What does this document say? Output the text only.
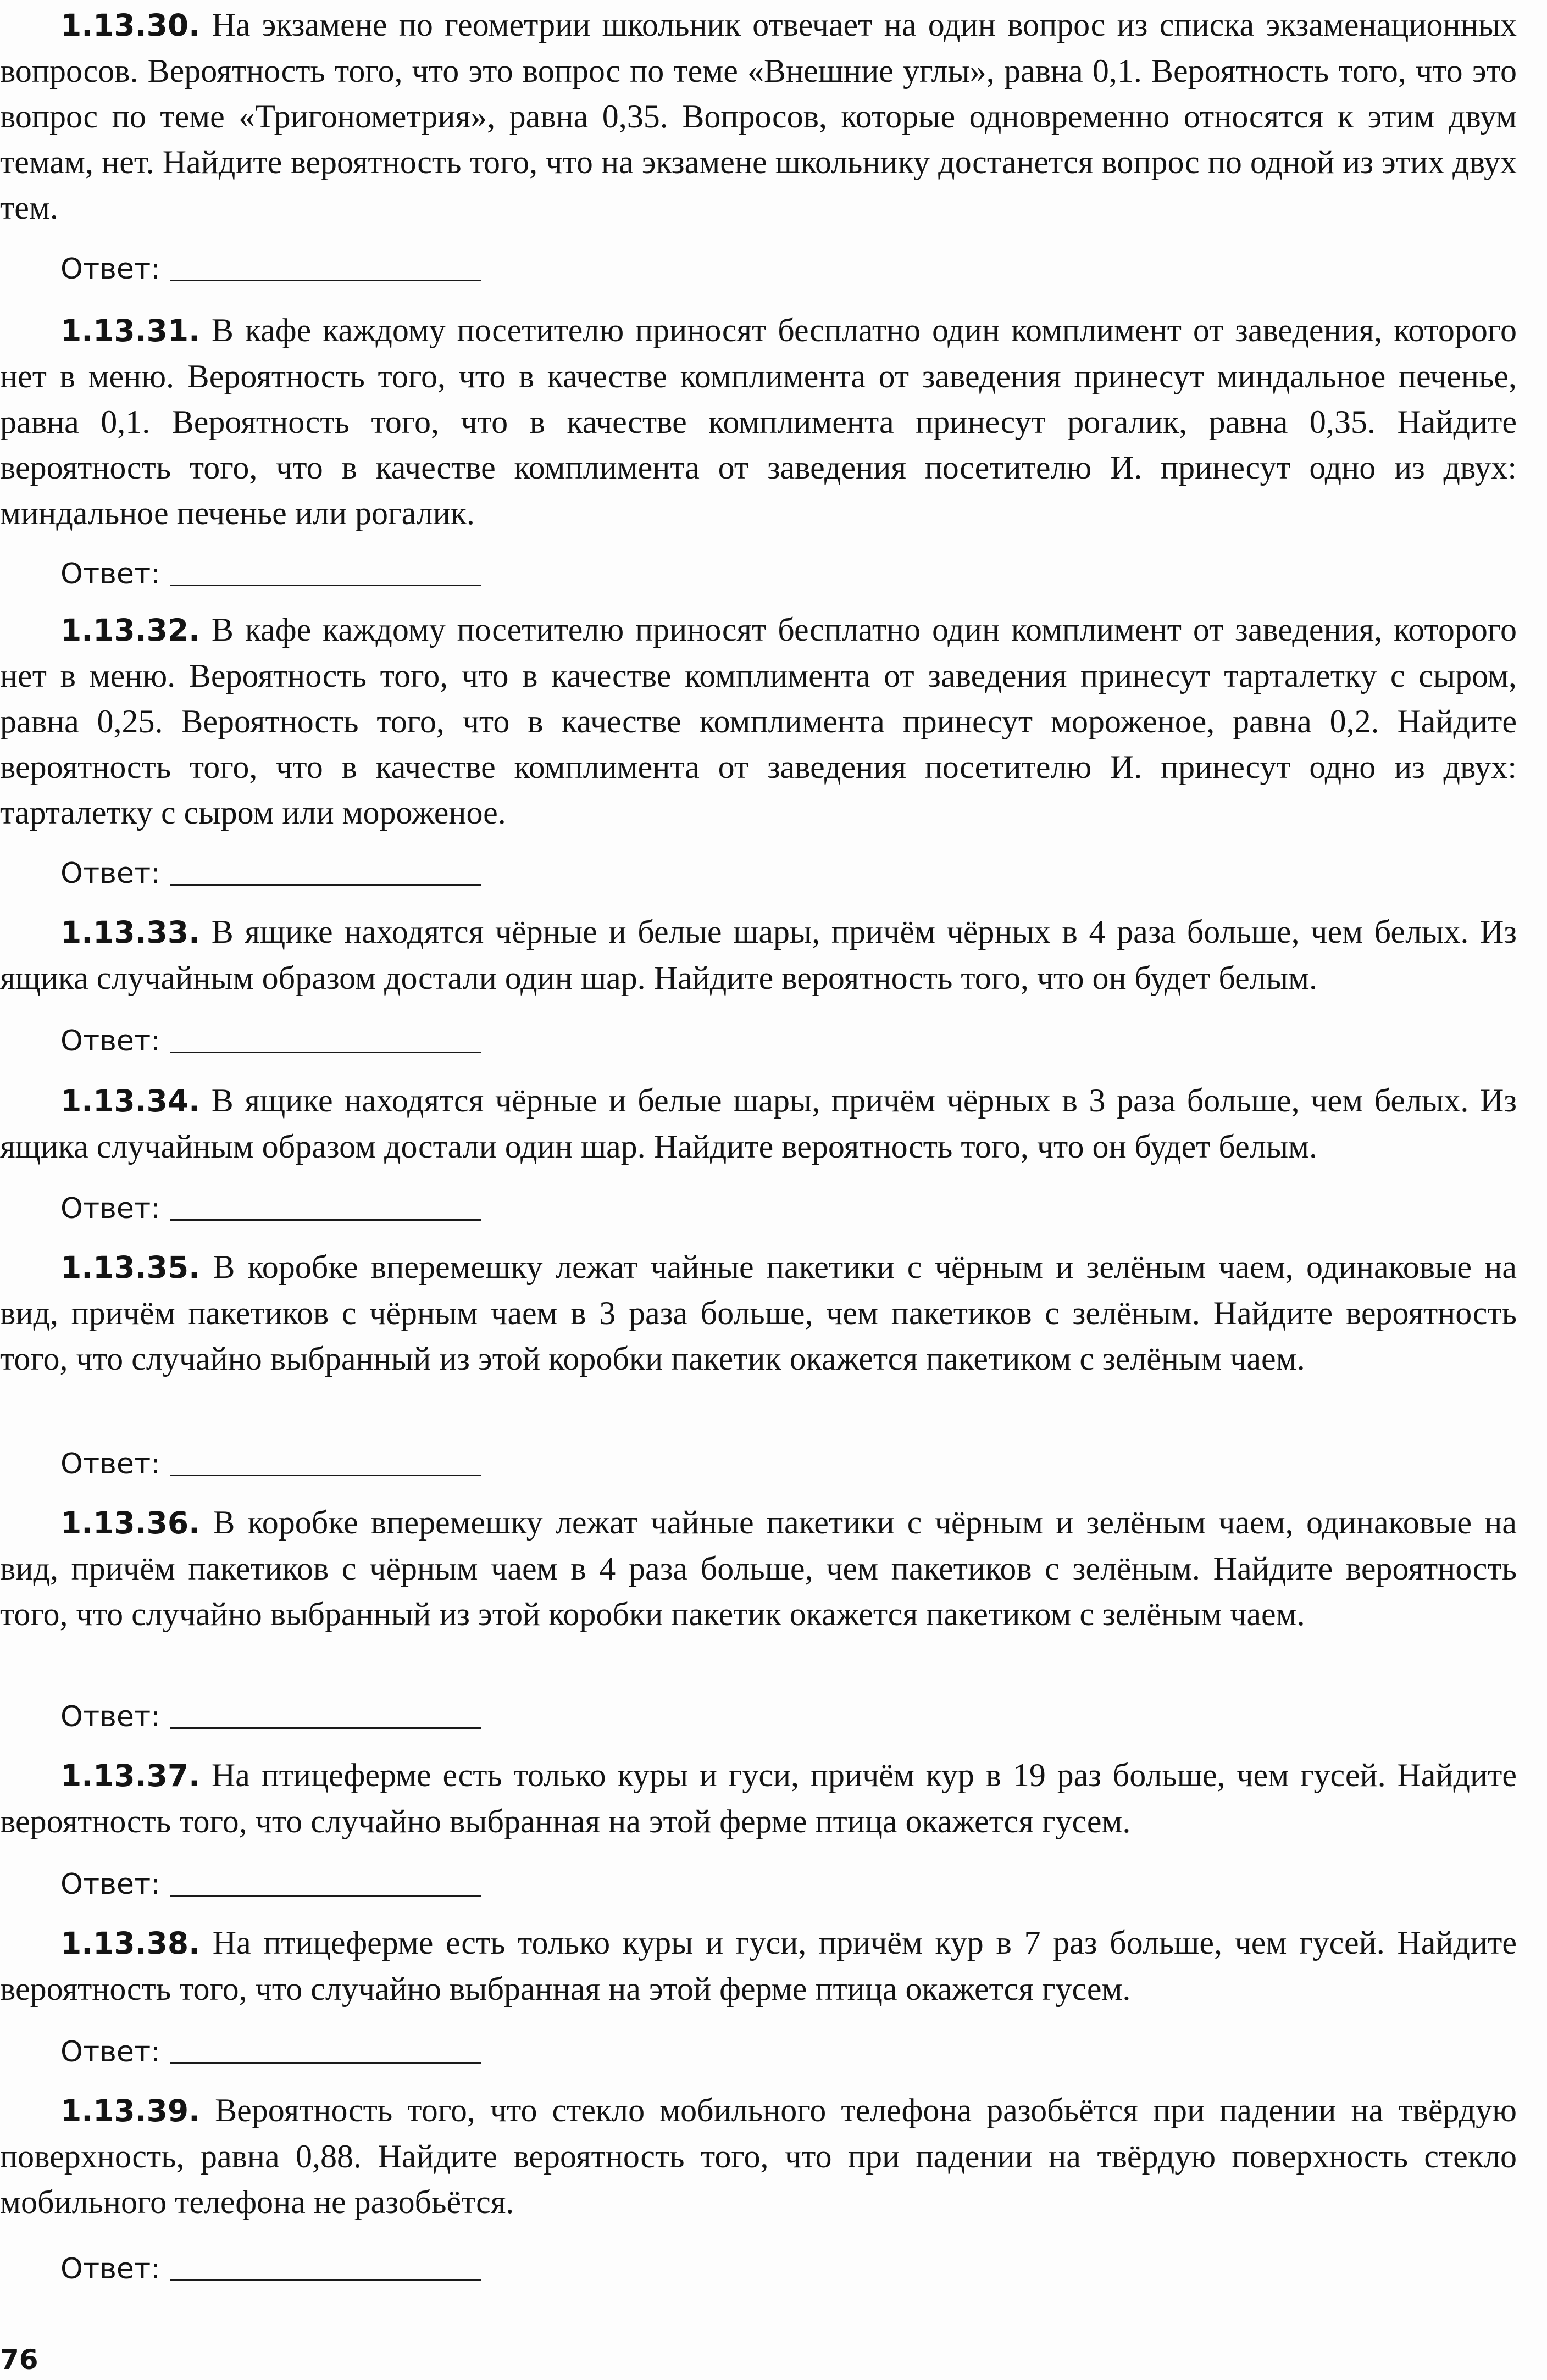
1.13.30. На экзамене по геометрии школьник отвечает на один вопрос из списка экзаменационных вопросов. Вероятность того, что это вопрос по теме «Внешние углы», равна 0,1. Вероятность того, что это вопрос по теме «Тригонометрия», равна 0,35. Вопросов, которые одновременно относятся к этим двум темам, нет. Найдите вероятность того, что на экзамене школьнику достанется вопрос по одной из этих двух тем.

Ответ:

1.13.31. В кафе каждому посетителю приносят бесплатно один комплимент от заведения, которого нет в меню. Вероятность того, что в качестве комплимента от заведения принесут миндальное печенье, равна 0,1. Вероятность того, что в качестве комплимента принесут рогалик, равна 0,35. Найдите вероятность того, что в качестве комплимента от заведения посетителю И. принесут одно из двух: миндальное печенье или рогалик.

Ответ:

1.13.32. В кафе каждому посетителю приносят бесплатно один комплимент от заведения, которого нет в меню. Вероятность того, что в качестве комплимента от заведения принесут тарталетку с сыром, равна 0,25. Вероятность того, что в качестве комплимента принесут мороженое, равна 0,2. Найдите вероятность того, что в качестве комплимента от заведения посетителю И. принесут одно из двух: тарталетку с сыром или мороженое.

Ответ:

1.13.33. В ящике находятся чёрные и белые шары, причём чёрных в 4 раза больше, чем белых. Из ящика случайным образом достали один шар. Найдите вероятность того, что он будет белым.

Ответ:

1.13.34. В ящике находятся чёрные и белые шары, причём чёрных в 3 раза больше, чем белых. Из ящика случайным образом достали один шар. Найдите вероятность того, что он будет белым.

Ответ:

1.13.35. В коробке вперемешку лежат чайные пакетики с чёрным и зелёным чаем, одинаковые на вид, причём пакетиков с чёрным чаем в 3 раза больше, чем пакетиков с зелёным. Найдите вероятность того, что случайно выбранный из этой коробки пакетик окажется пакетиком с зелёным чаем.

Ответ:

1.13.36. В коробке вперемешку лежат чайные пакетики с чёрным и зелёным чаем, одинаковые на вид, причём пакетиков с чёрным чаем в 4 раза больше, чем пакетиков с зелёным. Найдите вероятность того, что случайно выбранный из этой коробки пакетик окажется пакетиком с зелёным чаем.

Ответ:

1.13.37. На птицеферме есть только куры и гуси, причём кур в 19 раз больше, чем гусей. Найдите вероятность того, что случайно выбранная на этой ферме птица окажется гусем.

Ответ:

1.13.38. На птицеферме есть только куры и гуси, причём кур в 7 раз больше, чем гусей. Найдите вероятность того, что случайно выбранная на этой ферме птица окажется гусем.

Ответ:

1.13.39. Вероятность того, что стекло мобильного телефона разобьётся при падении на твёрдую поверхность, равна 0,88. Найдите вероятность того, что при падении на твёрдую поверхность стекло мобильного телефона не разобьётся.

Ответ:
76
